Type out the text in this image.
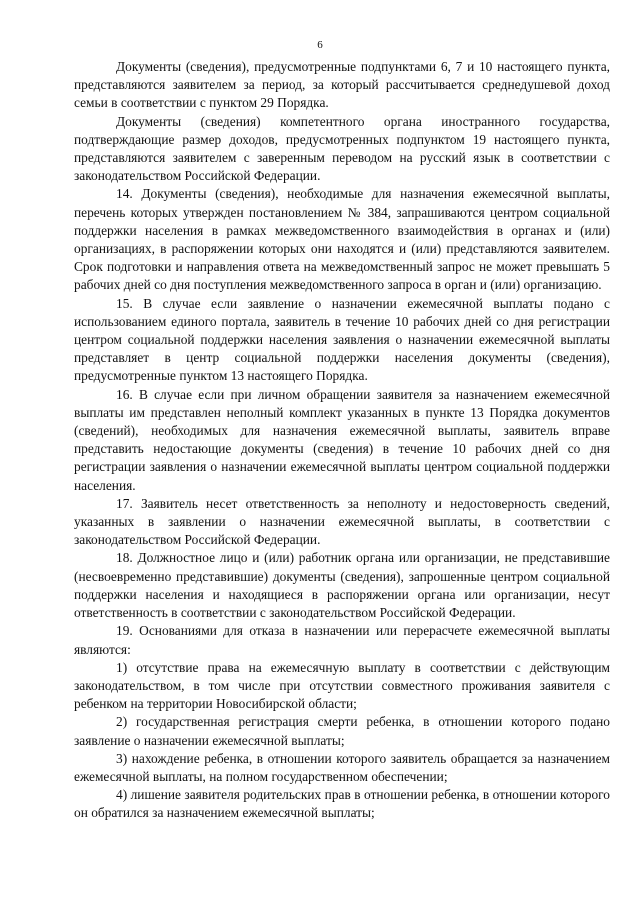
6

Документы (сведения), предусмотренные подпунктами 6, 7 и 10 настоящего пункта, представляются заявителем за период, за который рассчитывается среднедушевой доход семьи в соответствии с пунктом 29 Порядка.

Документы (сведения) компетентного органа иностранного государства, подтверждающие размер доходов, предусмотренных подпунктом 19 настоящего пункта, представляются заявителем с заверенным переводом на русский язык в соответствии с законодательством Российской Федерации.

14. Документы (сведения), необходимые для назначения ежемесячной выплаты, перечень которых утвержден постановлением № 384, запрашиваются центром социальной поддержки населения в рамках межведомственного взаимодействия в органах и (или) организациях, в распоряжении которых они находятся и (или) представляются заявителем. Срок подготовки и направления ответа на межведомственный запрос не может превышать 5 рабочих дней со дня поступления межведомственного запроса в орган и (или) организацию.

15. В случае если заявление о назначении ежемесячной выплаты подано с использованием единого портала, заявитель в течение 10 рабочих дней со дня регистрации центром социальной поддержки населения заявления о назначении ежемесячной выплаты представляет в центр социальной поддержки населения документы (сведения), предусмотренные пунктом 13 настоящего Порядка.

16. В случае если при личном обращении заявителя за назначением ежемесячной выплаты им представлен неполный комплект указанных в пункте 13 Порядка документов (сведений), необходимых для назначения ежемесячной выплаты, заявитель вправе представить недостающие документы (сведения) в течение 10 рабочих дней со дня регистрации заявления о назначении ежемесячной выплаты центром социальной поддержки населения.

17. Заявитель несет ответственность за неполноту и недостоверность сведений, указанных в заявлении о назначении ежемесячной выплаты, в соответствии с законодательством Российской Федерации.

18. Должностное лицо и (или) работник органа или организации, не представившие (несвоевременно представившие) документы (сведения), запрошенные центром социальной поддержки населения и находящиеся в распоряжении органа или организации, несут ответственность в соответствии с законодательством Российской Федерации.

19. Основаниями для отказа в назначении или перерасчете ежемесячной выплаты являются:

1) отсутствие права на ежемесячную выплату в соответствии с действующим законодательством, в том числе при отсутствии совместного проживания заявителя с ребенком на территории Новосибирской области;

2) государственная регистрация смерти ребенка, в отношении которого подано заявление о назначении ежемесячной выплаты;

3) нахождение ребенка, в отношении которого заявитель обращается за назначением ежемесячной выплаты, на полном государственном обеспечении;

4) лишение заявителя родительских прав в отношении ребенка, в отношении которого он обратился за назначением ежемесячной выплаты;
